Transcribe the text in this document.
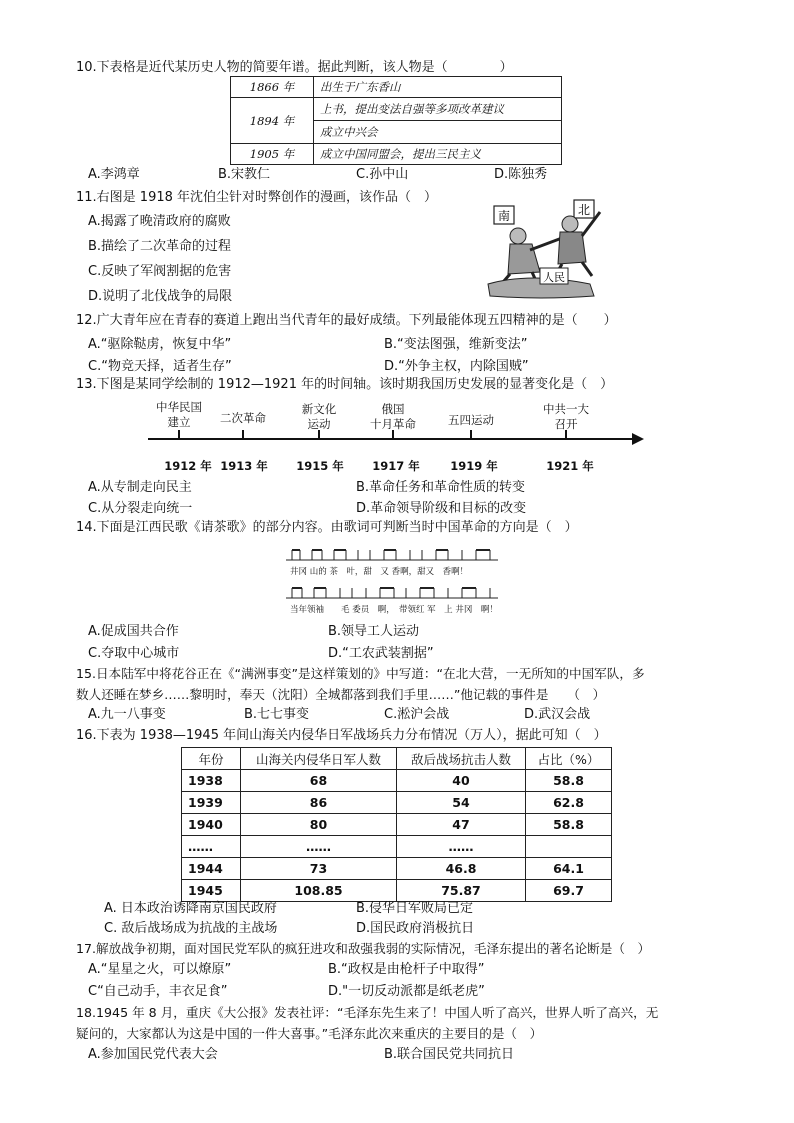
10.下表格是近代某历史人物的简要年谱。据此判断，该人物是（　　　　）
1866 年	出生于广东香山
1894 年	上书，提出变法自强等多项改革建议
	成立中兴会
1905 年	成立中国同盟会，提出三民主义
A.李鸿章	B.宋教仁	C.孙中山	D.陈独秀
11.右图是 1918 年沈伯尘针对时弊创作的漫画，该作品（　）
A.揭露了晚清政府的腐败
B.描绘了二次革命的过程
C.反映了军阀割据的危害
D.说明了北伐战争的局限
南	北
人民
12.广大青年应在青春的赛道上跑出当代青年的最好成绩。下列最能体现五四精神的是（　　）
A.“驱除鞑虏，恢复中华”	B.“变法图强，维新变法”
C.“物竞天择，适者生存”	D.“外争主权，内除国贼”
13.下图是某同学绘制的 1912—1921 年的时间轴。该时期我国历史发展的显著变化是（　）
中华民国
建立	二次革命
新文化
运动
俄国
十月革命	五四运动
中共一大
召开
1912 年 1913 年	1915 年	1917 年	1919 年	1921 年
A.从专制走向民主	B.革命任务和革命性质的转变
C.从分裂走向统一	D.革命领导阶级和目标的改变
14.下面是江西民歌《请茶歌》的部分内容。由歌词可判断当时中国革命的方向是（　）
井冈 山的 茶　叶，甜　又 香啊，甜又　香啊！
当年领袖　　毛 委员　啊，　带领红 军　上 井冈　啊！
A.促成国共合作	B.领导工人运动
C.夺取中心城市	D.“工农武装割据”
15.日本陆军中将花谷正在《“满洲事变”是这样策划的》中写道：“在北大营，一无所知的中国军队，多
数人还睡在梦乡……黎明时，奉天（沈阳）全城都落到我们手里……”他记载的事件是　　（　）
A.九一八事变	B.七七事变	C.淞沪会战	D.武汉会战
16.下表为 1938—1945 年间山海关内侵华日军战场兵力分布情况（万人），据此可知（　）
年份	山海关内侵华日军人数	敌后战场抗击人数	占比（%）
1938	68	40	58.8
1939	86	54	62.8
1940	80	47	58.8
……	……	……	
1944	73	46.8	64.1
1945	108.85	75.87	69.7
A. 日本政治诱降南京国民政府	B.侵华日军败局已定
C. 敌后战场成为抗战的主战场	D.国民政府消极抗日
17.解放战争初期，面对国民党军队的疯狂进攻和敌强我弱的实际情况，毛泽东提出的著名论断是（　）
A.“星星之火，可以燎原”	B.“政权是由枪杆子中取得”
C“自己动手，丰衣足食”	D."一切反动派都是纸老虎”
18.1945 年 8 月，重庆《大公报》发表社评：“毛泽东先生来了！中国人听了高兴，世界人听了高兴，无
疑问的，大家都认为这是中国的一件大喜事。”毛泽东此次来重庆的主要目的是（　）
A.参加国民党代表大会	B.联合国民党共同抗日
